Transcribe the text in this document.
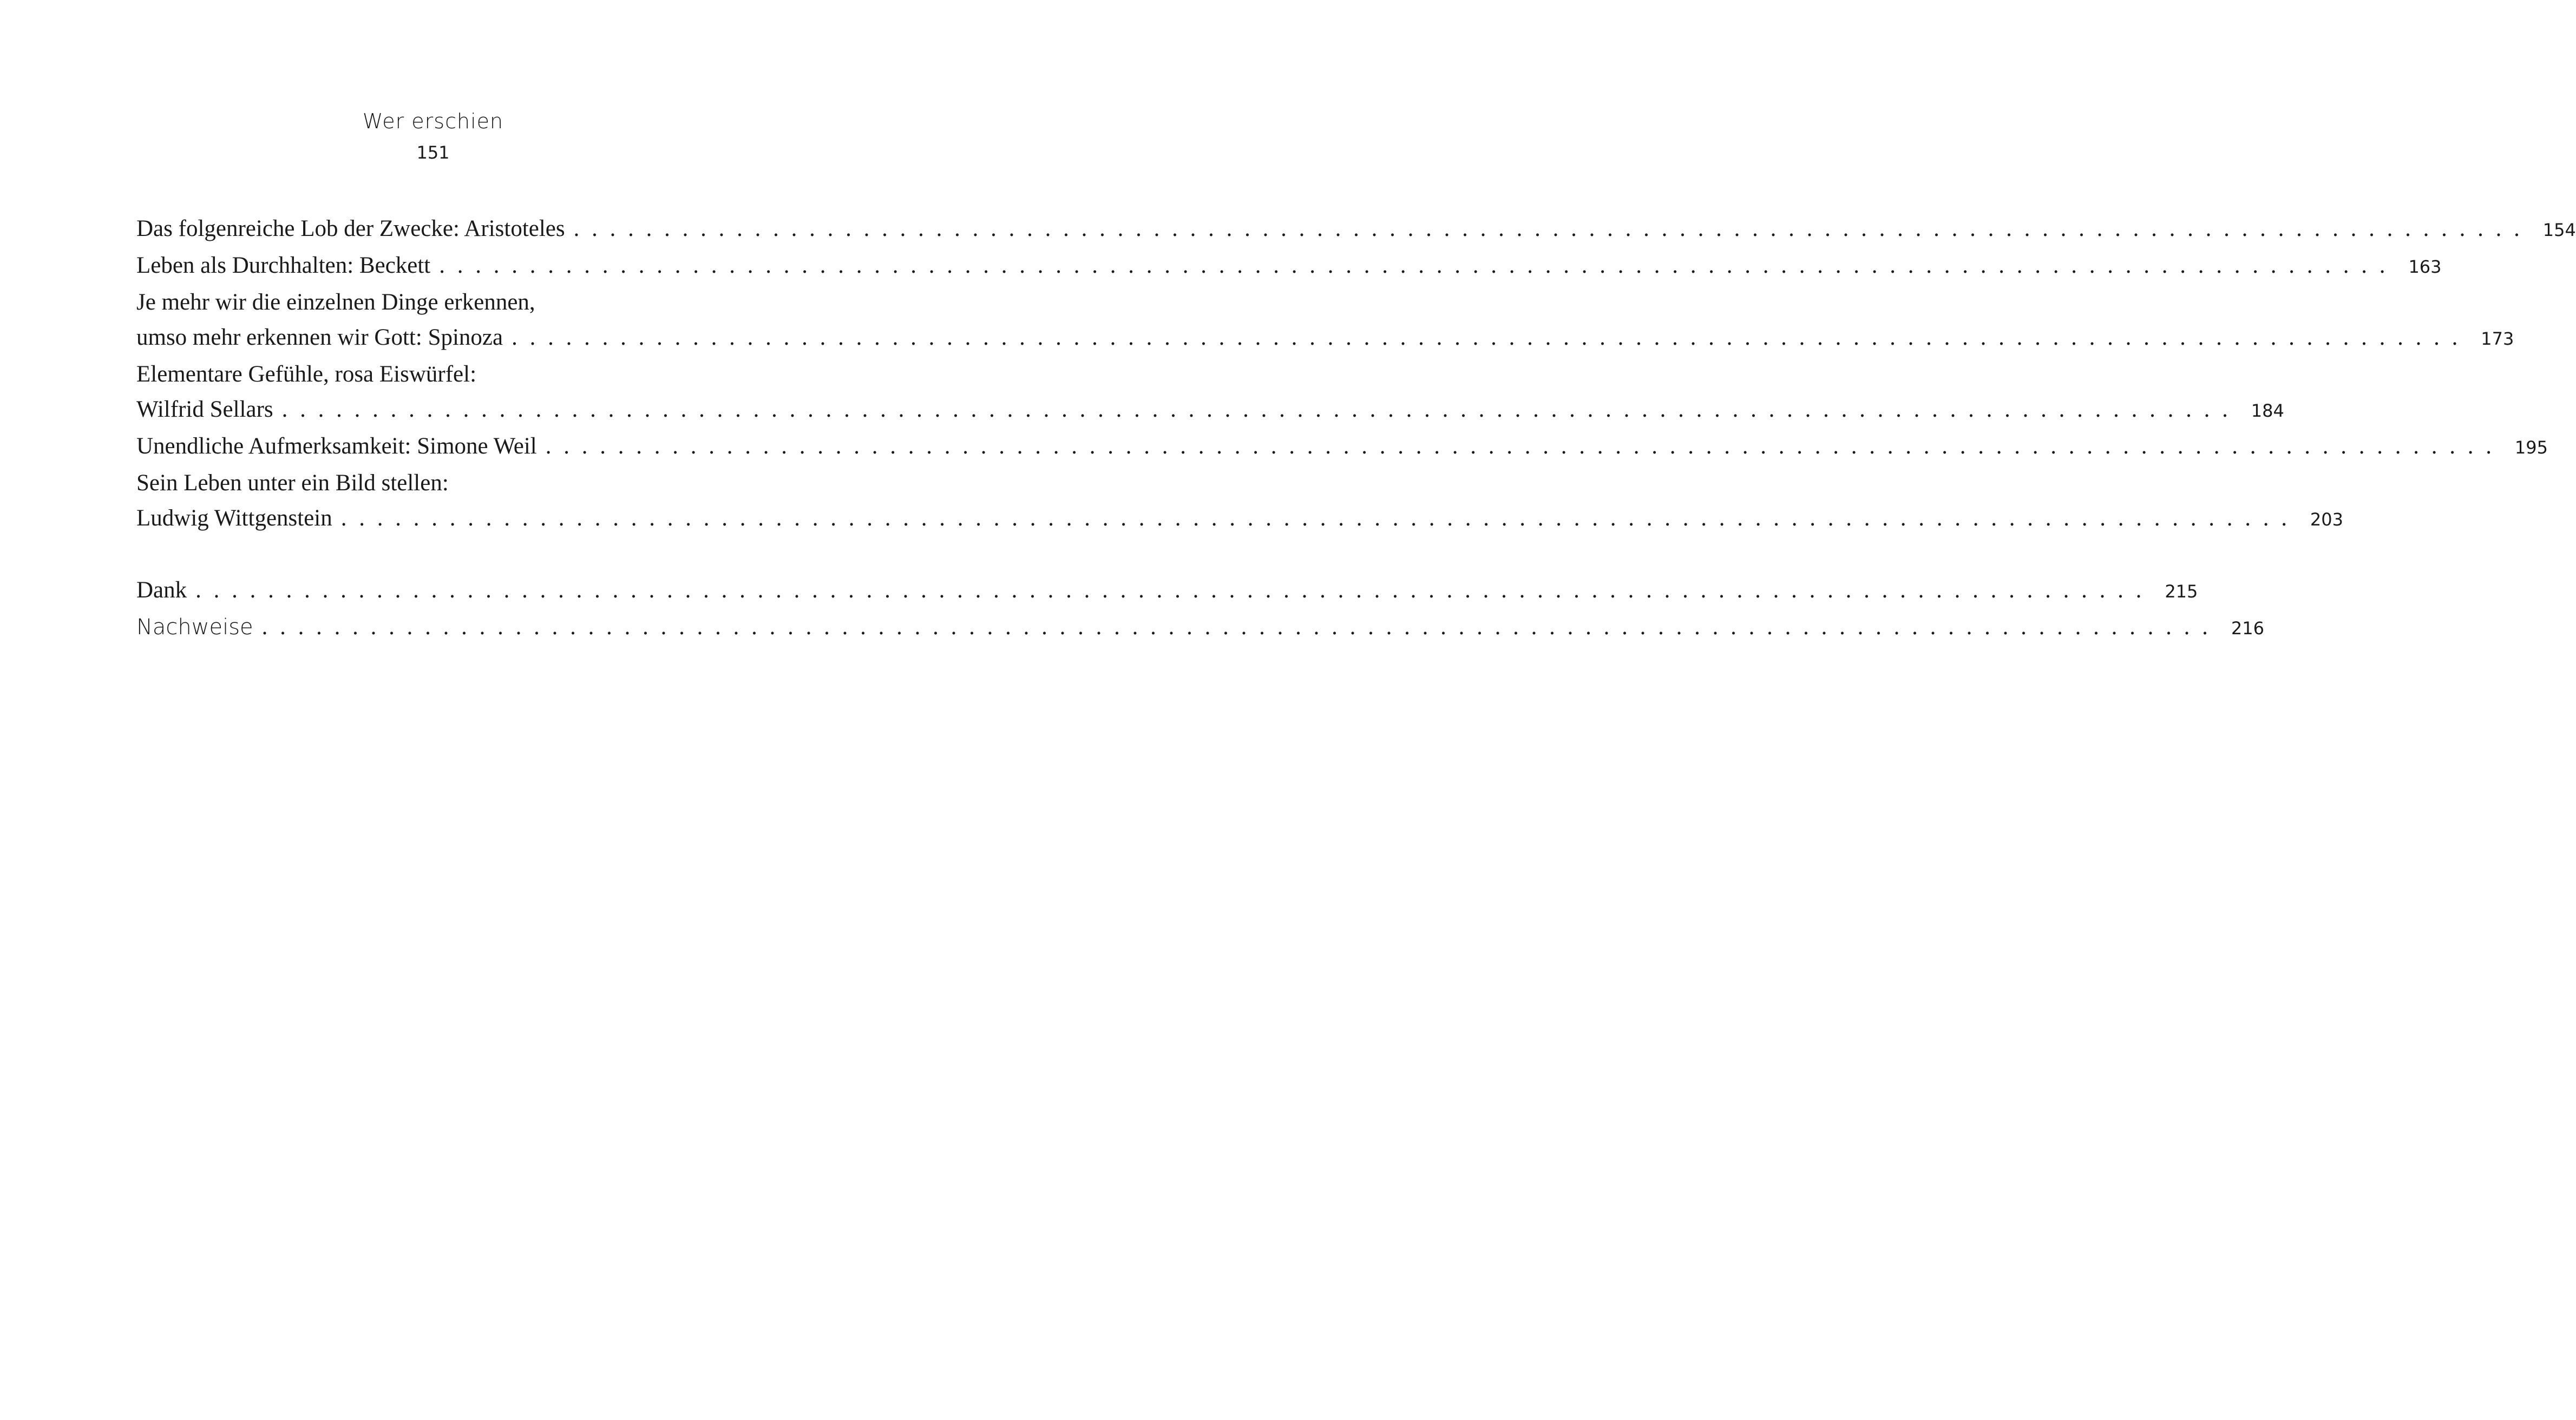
Wer erschien
151
Das folgenreiche Lob der Zwecke: Aristoteles . . . . . . . . . . . . . . . . . . . . . . . . . . . . . . . . . . . . . . . . . . . . . . . . . . . . . . . . . . . . . . . . . . . . . . . . . . . . . . . . . . . . . . . . . . . . . . . . . . . . . . . . . . . . 154
Leben als Durchhalten: Beckett . . . . . . . . . . . . . . . . . . . . . . . . . . . . . . . . . . . . . . . . . . . . . . . . . . . . . . . . . . . . . . . . . . . . . . . . . . . . . . . . . . . . . . . . . . . . . . . . . . . . . . . . . . . . 163
Je mehr wir die einzelnen Dinge erkennen,
umso mehr erkennen wir Gott: Spinoza . . . . . . . . . . . . . . . . . . . . . . . . . . . . . . . . . . . . . . . . . . . . . . . . . . . . . . . . . . . . . . . . . . . . . . . . . . . . . . . . . . . . . . . . . . . . . . . . . . . . . . . . . . . . 173
Elementare Gefühle, rosa Eiswürfel:
Wilfrid Sellars . . . . . . . . . . . . . . . . . . . . . . . . . . . . . . . . . . . . . . . . . . . . . . . . . . . . . . . . . . . . . . . . . . . . . . . . . . . . . . . . . . . . . . . . . . . . . . . . . . . . . . . . . . . . 184
Unendliche Aufmerksamkeit: Simone Weil . . . . . . . . . . . . . . . . . . . . . . . . . . . . . . . . . . . . . . . . . . . . . . . . . . . . . . . . . . . . . . . . . . . . . . . . . . . . . . . . . . . . . . . . . . . . . . . . . . . . . . . . . . . . 195
Sein Leben unter ein Bild stellen:
Ludwig Wittgenstein . . . . . . . . . . . . . . . . . . . . . . . . . . . . . . . . . . . . . . . . . . . . . . . . . . . . . . . . . . . . . . . . . . . . . . . . . . . . . . . . . . . . . . . . . . . . . . . . . . . . . . . . . . . . 203
Dank . . . . . . . . . . . . . . . . . . . . . . . . . . . . . . . . . . . . . . . . . . . . . . . . . . . . . . . . . . . . . . . . . . . . . . . . . . . . . . . . . . . . . . . . . . . . . . . . . . . . . . . . . . . . 215
Nachweise . . . . . . . . . . . . . . . . . . . . . . . . . . . . . . . . . . . . . . . . . . . . . . . . . . . . . . . . . . . . . . . . . . . . . . . . . . . . . . . . . . . . . . . . . . . . . . . . . . . . . . . . . . . . 216
